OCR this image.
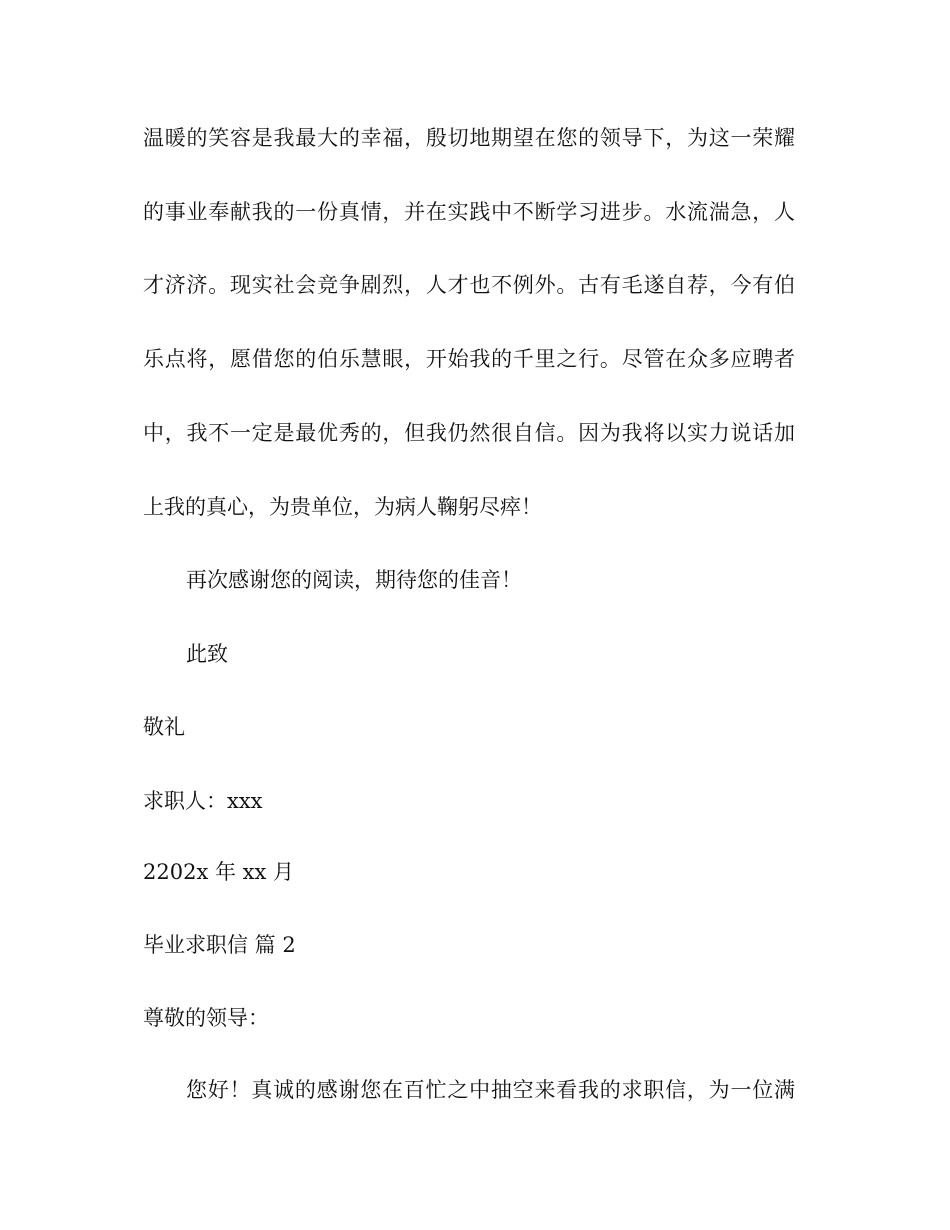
温暖的笑容是我最大的幸福，殷切地期望在您的领导下，为这一荣耀
的事业奉献我的一份真情，并在实践中不断学习进步。水流湍急，人
才济济。现实社会竞争剧烈，人才也不例外。古有毛遂自荐，今有伯
乐点将，愿借您的伯乐慧眼，开始我的千里之行。尽管在众多应聘者
中，我不一定是最优秀的，但我仍然很自信。因为我将以实力说话加
上我的真心，为贵单位，为病人鞠躬尽瘁！
再次感谢您的阅读，期待您的佳音！
此致
敬礼
求职人：xxx
2202x 年 xx 月
毕业求职信 篇 2
尊敬的领导：
您好！真诚的感谢您在百忙之中抽空来看我的求职信，为一位满
